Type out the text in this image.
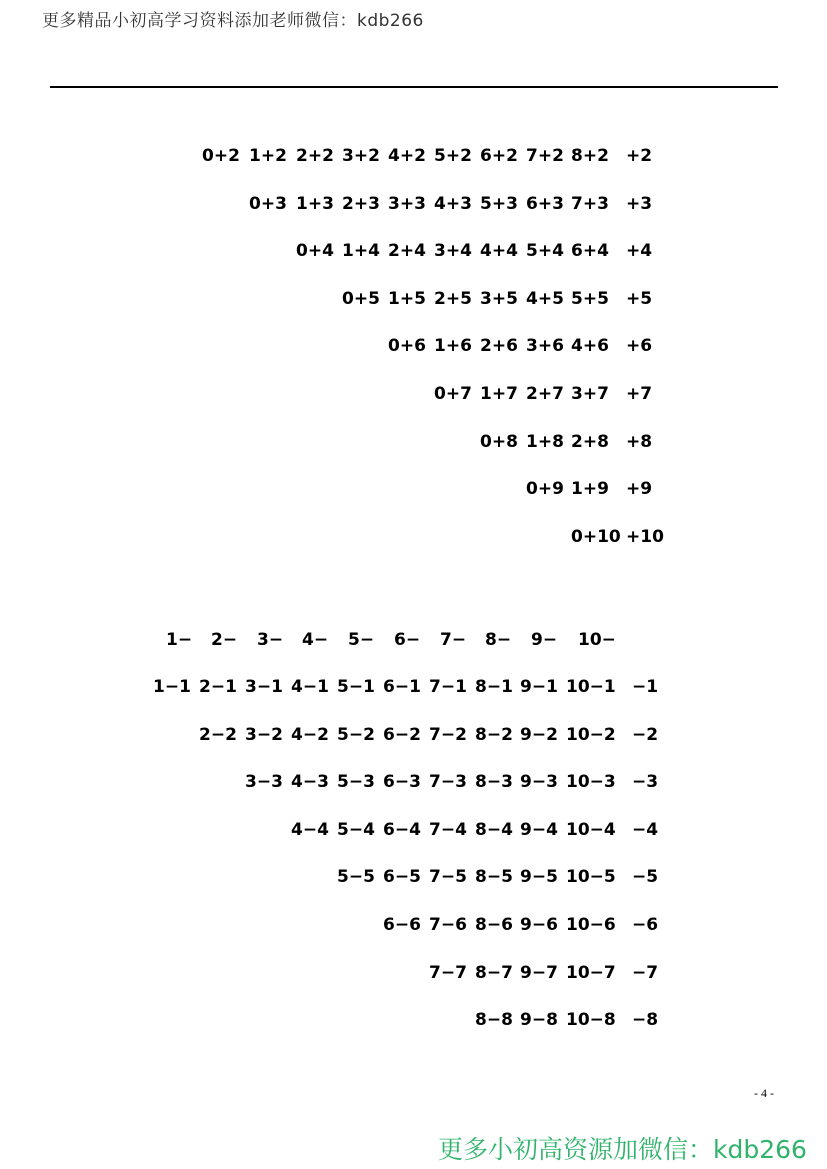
更多精品小初高学习资料添加老师微信：kdb266
0+2 1+2 2+2 3+2 4+2 5+2 6+2 7+2 8+2 +2
0+3 1+3 2+3 3+3 4+3 5+3 6+3 7+3 +3
0+4 1+4 2+4 3+4 4+4 5+4 6+4 +4
0+5 1+5 2+5 3+5 4+5 5+5 +5
0+6 1+6 2+6 3+6 4+6 +6
0+7 1+7 2+7 3+7 +7
0+8 1+8 2+8 +8
0+9 1+9 +9
0+10 +10
1− 2− 3− 4− 5− 6− 7− 8− 9− 10−
1−1 2−1 3−1 4−1 5−1 6−1 7−1 8−1 9−1 10−1 −1
2−2 3−2 4−2 5−2 6−2 7−2 8−2 9−2 10−2 −2
3−3 4−3 5−3 6−3 7−3 8−3 9−3 10−3 −3
4−4 5−4 6−4 7−4 8−4 9−4 10−4 −4
5−5 6−5 7−5 8−5 9−5 10−5 −5
6−6 7−6 8−6 9−6 10−6 −6
7−7 8−7 9−7 10−7 −7
8−8 9−8 10−8 −8
- 4 -
更多小初高资源加微信：kdb266
